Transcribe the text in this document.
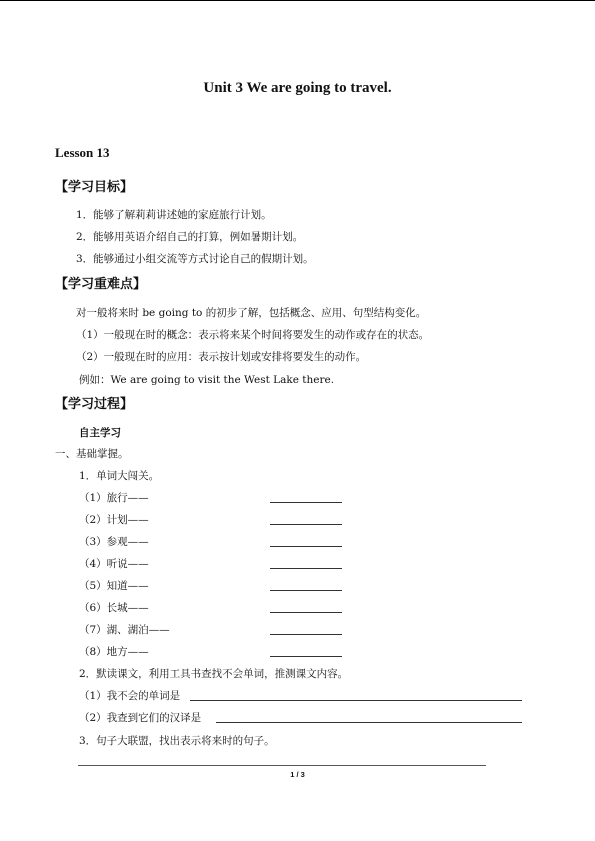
Unit 3 We are going to travel.
Lesson 13
【学习目标】
1．能够了解莉莉讲述她的家庭旅行计划。
2．能够用英语介绍自己的打算，例如暑期计划。
3．能够通过小组交流等方式讨论自己的假期计划。
【学习重难点】
对一般将来时 be going to 的初步了解，包括概念、应用、句型结构变化。
（1）一般现在时的概念：表示将来某个时间将要发生的动作或存在的状态。
（2）一般现在时的应用：表示按计划或安排将要发生的动作。
例如：We are going to visit the West Lake there.
【学习过程】
自主学习
一、基础掌握。
1．单词大闯关。
（1）旅行——
（2）计划——
（3）参观——
（4）听说——
（5）知道——
（6）长城——
（7）湖、湖泊——
（8）地方——
2．默读课文，利用工具书查找不会单词，推测课文内容。
（1）我不会的单词是
（2）我查到它们的汉译是
3．句子大联盟，找出表示将来时的句子。
1 / 3
